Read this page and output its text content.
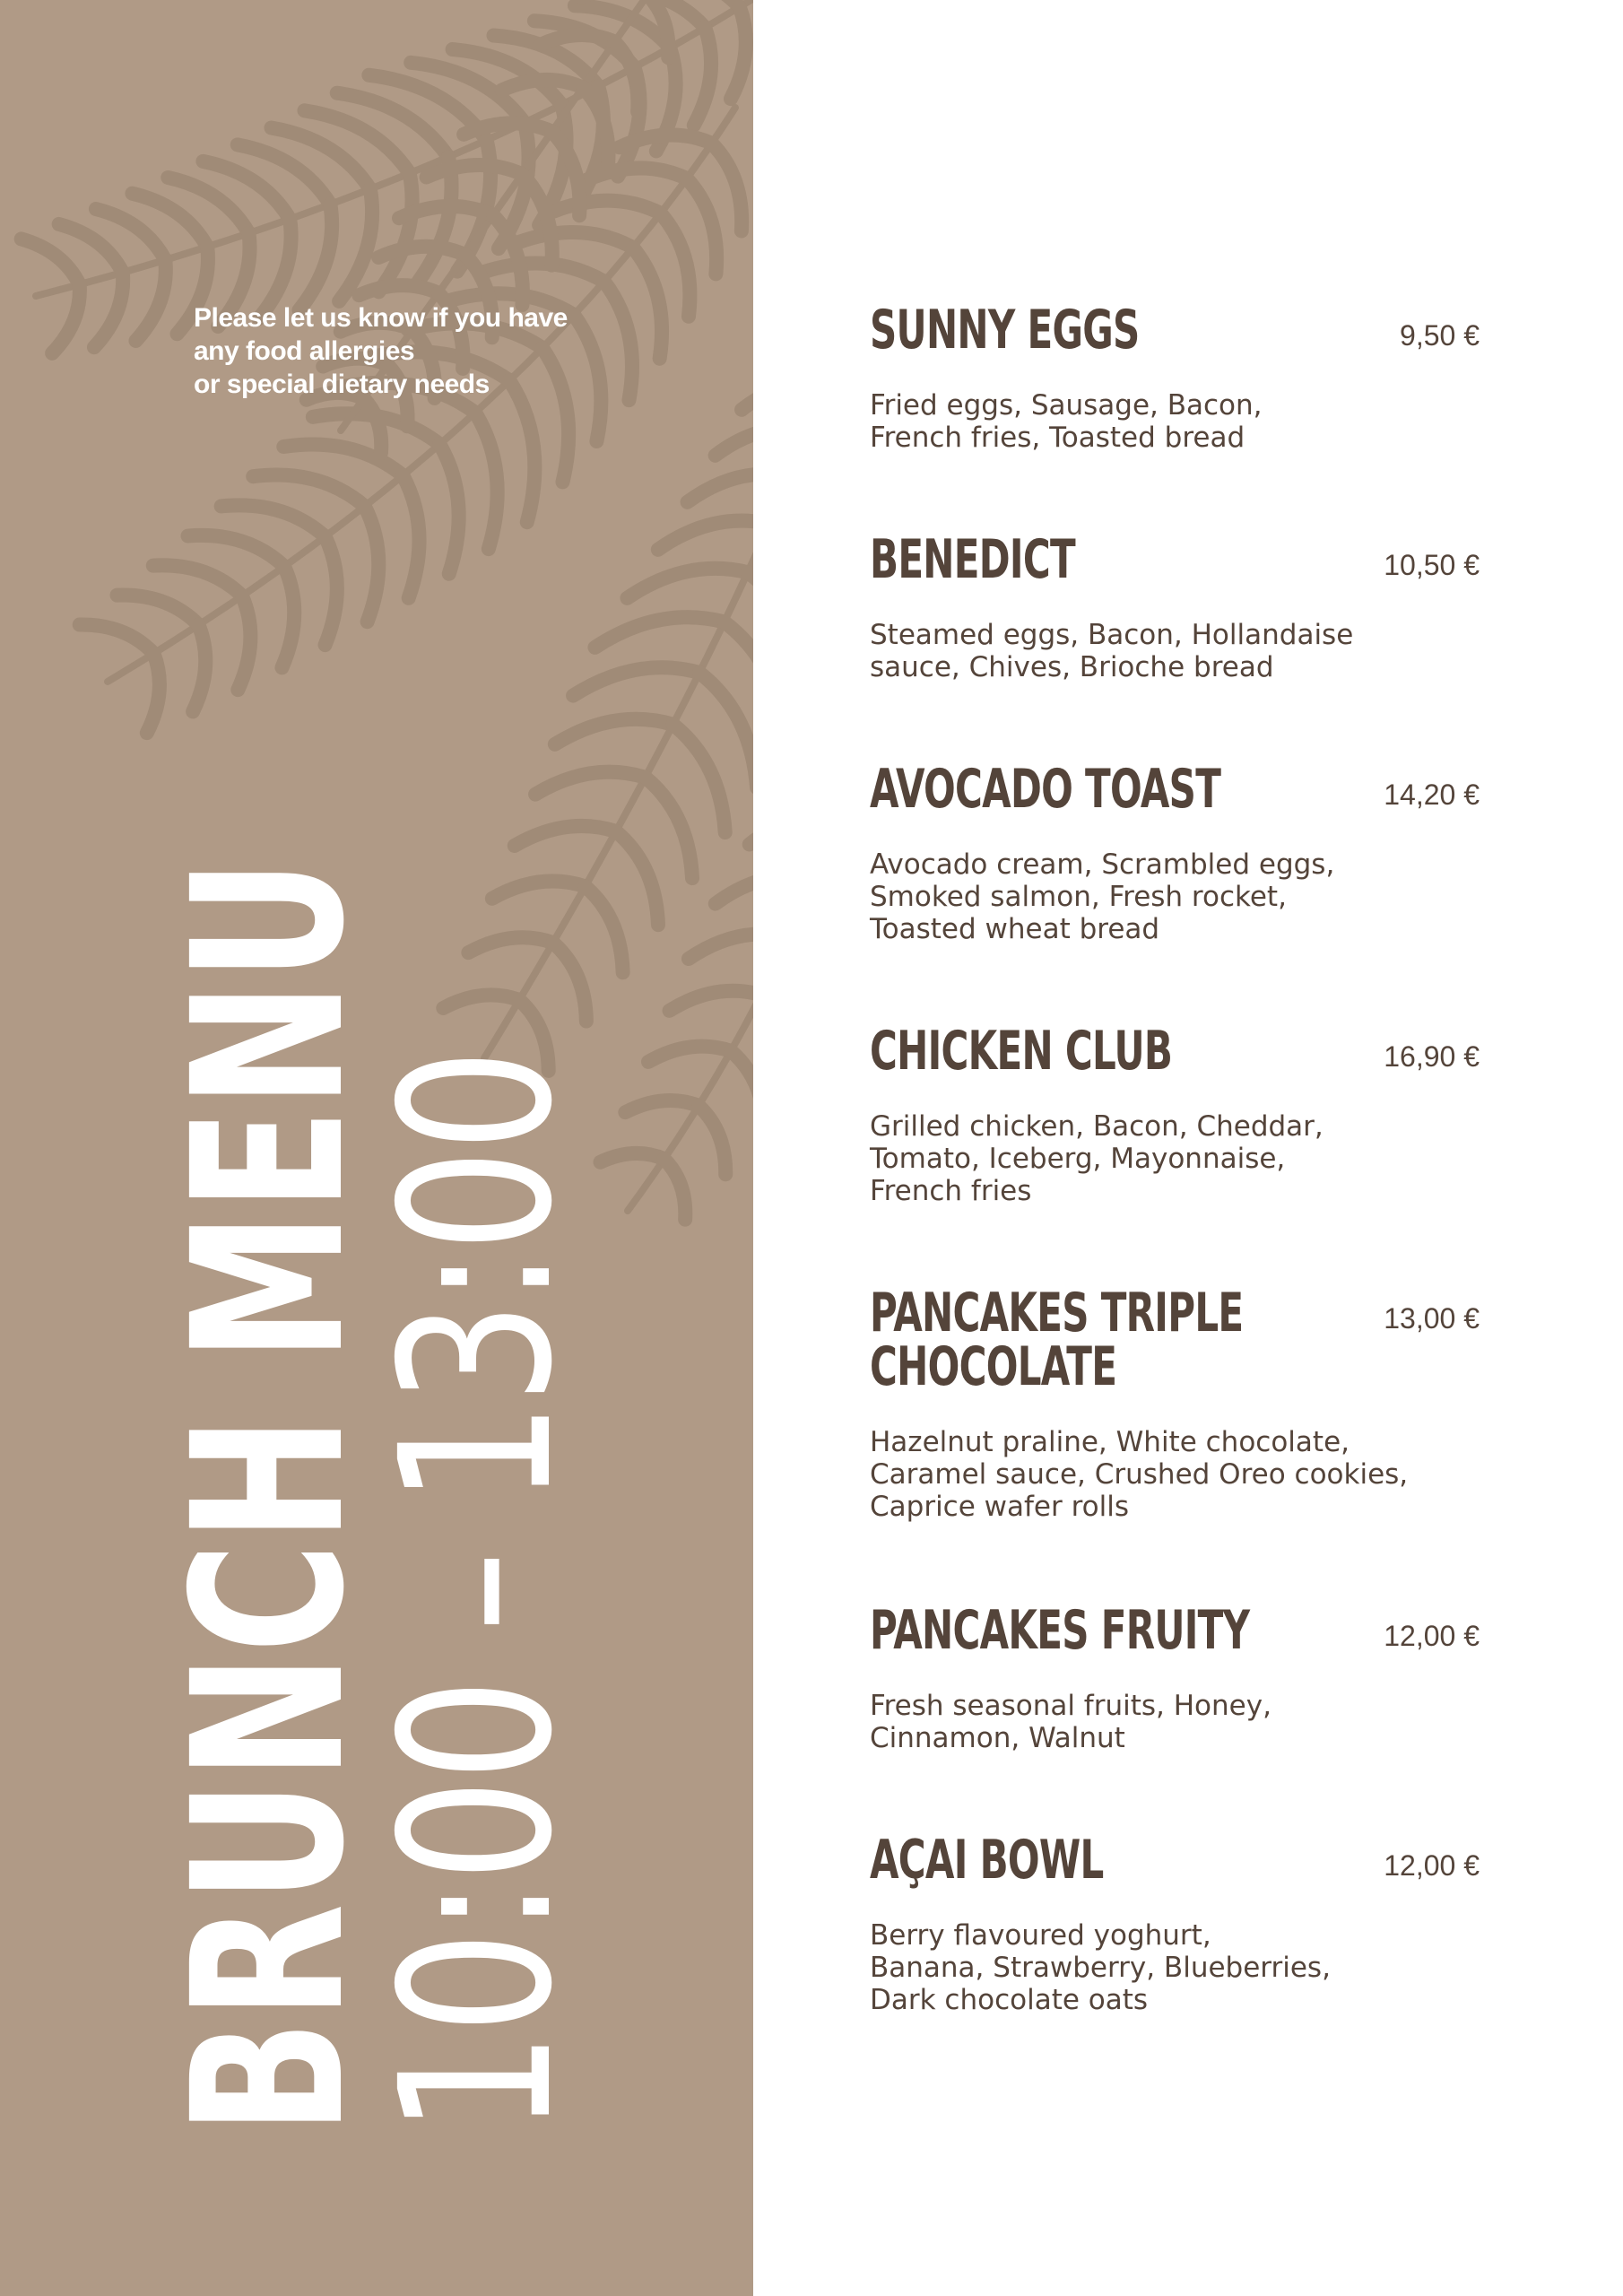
Please let us know if you have
any food allergies
or special dietary needs
BRUNCH MENU
10:00 – 13:00
SUNNY EGGS	9,50 €
Fried eggs, Sausage, Bacon,
French fries, Toasted bread
BENEDICT	10,50 €
Steamed eggs, Bacon, Hollandaise
sauce, Chives, Brioche bread
AVOCADO TOAST	14,20 €
Avocado cream, Scrambled eggs,
Smoked salmon, Fresh rocket,
Toasted wheat bread
CHICKEN CLUB	16,90 €
Grilled chicken, Bacon, Cheddar,
Tomato, Iceberg, Mayonnaise,
French fries
PANCAKES TRIPLE
CHOCOLATE
13,00 €
Hazelnut praline, White chocolate,
Caramel sauce, Crushed Oreo cookies,
Caprice wafer rolls
PANCAKES FRUITY	12,00 €
Fresh seasonal fruits, Honey,
Cinnamon, Walnut
AÇAI BOWL	12,00 €
Berry flavoured yoghurt,
Banana, Strawberry, Blueberries,
Dark chocolate oats
